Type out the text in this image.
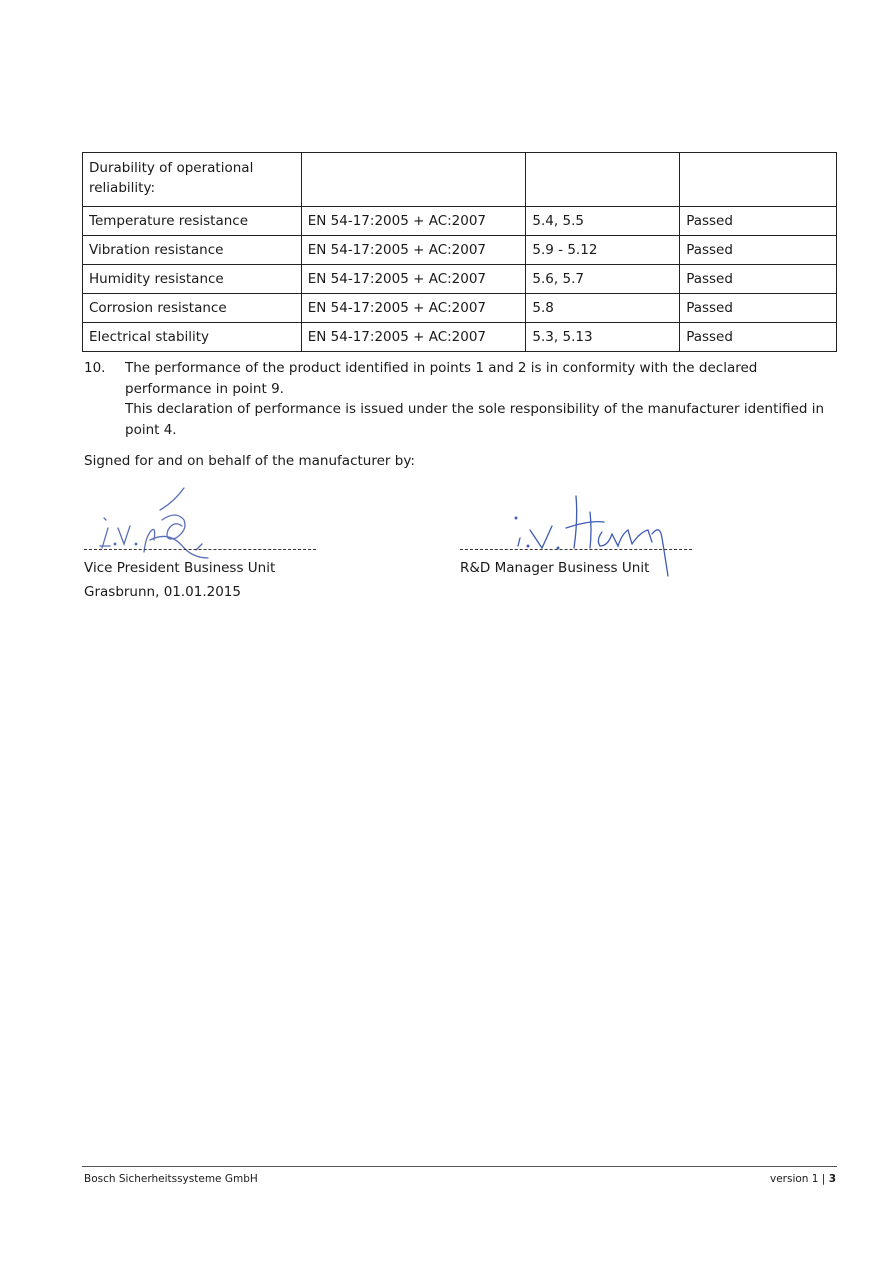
Durability of operational reliability:			
Temperature resistance	EN 54-17:2005 + AC:2007	5.4, 5.5	Passed
Vibration resistance	EN 54-17:2005 + AC:2007	5.9 - 5.12	Passed
Humidity resistance	EN 54-17:2005 + AC:2007	5.6, 5.7	Passed
Corrosion resistance	EN 54-17:2005 + AC:2007	5.8	Passed
Electrical stability	EN 54-17:2005 + AC:2007	5.3, 5.13	Passed
10. The performance of the product identified in points 1 and 2 is in conformity with the declared performance in point 9.

This declaration of performance is issued under the sole responsibility of the manufacturer identified in point 4.

Signed for and on behalf of the manufacturer by:
Vice President Business Unit
Grasbrunn, 01.01.2015
R&D Manager Business Unit
Bosch Sicherheitssysteme GmbH	version 1 | 3
